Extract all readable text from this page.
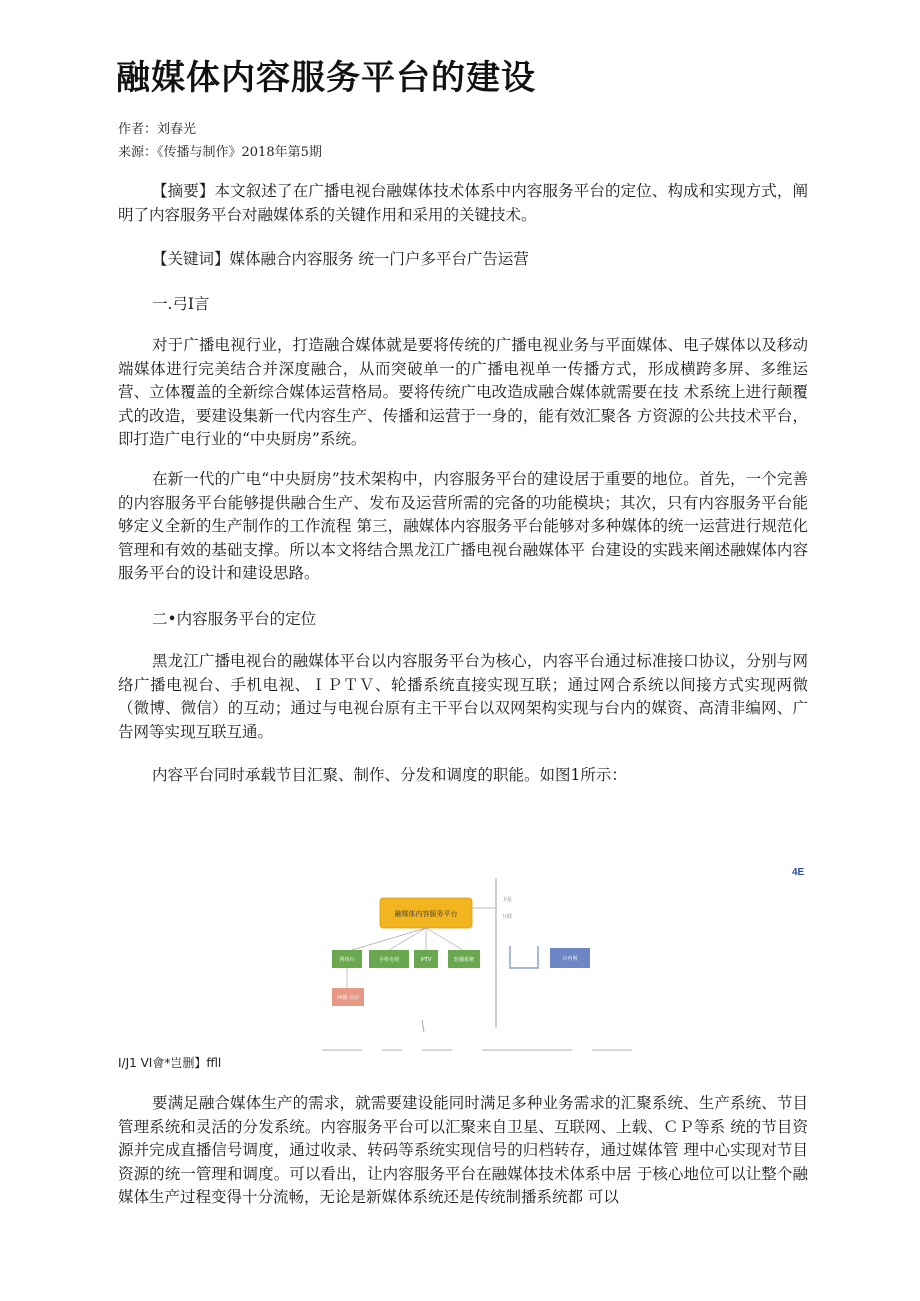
融媒体内容服务平台的建设
作者：刘春光
来源：《传播与制作》2018年第5期

【摘要】本文叙述了在广播电视台融媒体技术体系中内容服务平台的定位、构成和实现方式，阐明了内容服务平台对融媒体系的关键作用和采用的关键技术。

【关键词】媒体融合内容服务 统一门户多平台广告运营

一.弓I言

对于广播电视行业，打造融合媒体就是要将传统的广播电视业务与平面媒体、电子媒体以及移动端媒体进行完美结合并深度融合，从而突破单一的广播电视单一传播方式，形成横跨多屏、多维运营、立体覆盖的全新综合媒体运营格局。要将传统广电改造成融合媒体就需要在技 术系统上进行颠覆式的改造，要建设集新一代内容生产、传播和运营于一身的，能有效汇聚各 方资源的公共技术平台，即打造广电行业的“中央厨房”系统。

在新一代的广电“中央厨房”技术架构中，内容服务平台的建设居于重要的地位。首先，一个完善的内容服务平台能够提供融合生产、发布及运营所需的完备的功能模块；其次，只有内容服务平台能够定义全新的生产制作的工作流程 第三，融媒体内容服务平台能够对多种媒体的统一运营进行规范化管理和有效的基础支撑。所以本文将结合黑龙江广播电视台融媒体平 台建设的实践来阐述融媒体内容服务平台的设计和建设思路。

二•内容服务平台的定位

黑龙江广播电视台的融媒体平台以内容服务平台为核心，内容平台通过标准接口协议，分别与网络广播电视台、手机电视、ＩＰＴＶ、轮播系统直接实现互联；通过网合系统以间接方式实现两微（微博、微信）的互动；通过与电视台原有主干平台以双网架构实现与台内的媒资、高清非编网、广告网等实现互联互通。

内容平台同时承载节目汇聚、制作、分发和调度的职能。如图1所示：

4E
卫星
互联
融媒体内容服务平台
网络台	手机电视	IPTV	轮播系统	台内网
两微 互动
I/J1 VI會*岂删】ffll

要满足融合媒体生产的需求，就需要建设能同时满足多种业务需求的汇聚系统、生产系统、节目管理系统和灵活的分发系统。内容服务平台可以汇聚来自卫星、互联网、上载、ＣＰ等系 统的节目资源并完成直播信号调度，通过收录、转码等系统实现信号的归档转存，通过媒体管 理中心实现对节目资源的统一管理和调度。可以看出，让内容服务平台在融媒体技术体系中居 于核心地位可以让整个融媒体生产过程变得十分流畅，无论是新媒体系统还是传统制播系统都 可以
